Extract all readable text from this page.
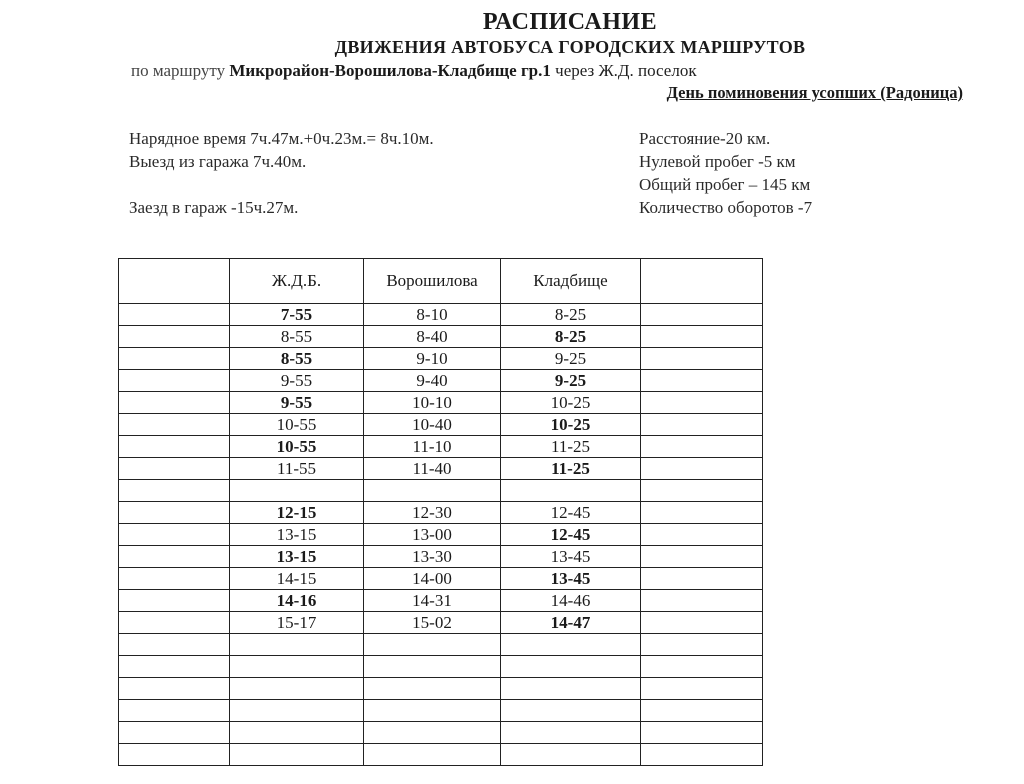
РАСПИСАНИЕ
ДВИЖЕНИЯ АВТОБУСА ГОРОДСКИХ МАРШРУТОВ
по маршруту Микрорайон-Ворошилова-Кладбище гр.1 через Ж.Д. поселок
День поминовения усопших (Радоница)
Нарядное время 7ч.47м.+0ч.23м.= 8ч.10м.
Выезд из гаража 7ч.40м.
Заезд в гараж -15ч.27м.
Расстояние-20 км.
Нулевой пробег -5 км
Общий пробег – 145 км
Количество оборотов -7
	Ж.Д.Б.	Ворошилова	Кладбище	
	7-55	8-10	8-25	
	8-55	8-40	8-25	
	8-55	9-10	9-25	
	9-55	9-40	9-25	
	9-55	10-10	10-25	
	10-55	10-40	10-25	
	10-55	11-10	11-25	
	11-55	11-40	11-25	

	12-15	12-30	12-45	
	13-15	13-00	12-45	
	13-15	13-30	13-45	
	14-15	14-00	13-45	
	14-16	14-31	14-46	
	15-17	15-02	14-47	
